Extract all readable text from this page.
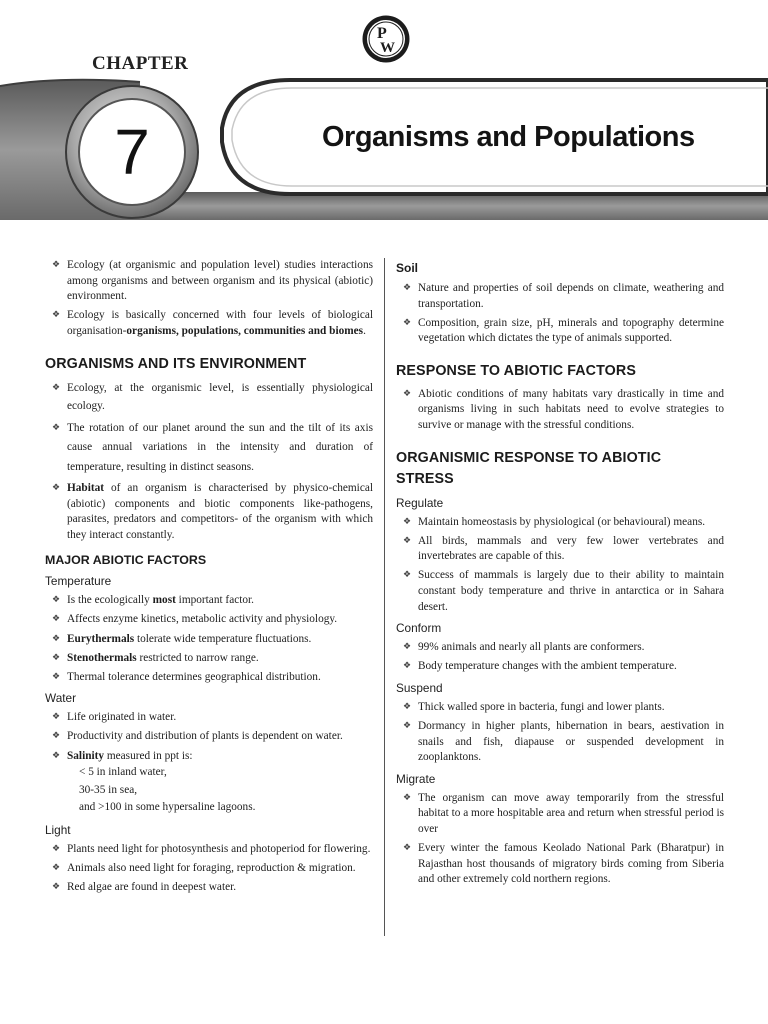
P
W
CHAPTER
7	Organisms and Populations
❖ Ecology (at organismic and population level) studies interactions among organisms and between organism and its physical (abiotic) environment.
❖ Ecology is basically concerned with four levels of biological organisation-organisms, populations, communities and biomes.
ORGANISMS AND ITS ENVIRONMENT
❖ Ecology, at the organismic level, is essentially physiological ecology.
❖ The rotation of our planet around the sun and the tilt of its axis cause annual variations in the intensity and duration of temperature, resulting in distinct seasons.
❖ Habitat of an organism is characterised by physico-chemical (abiotic) components and biotic components like-pathogens, parasites, predators and competitors- of the organism with which they interact constantly.
MAJOR ABIOTIC FACTORS
Temperature
❖ Is the ecologically most important factor.
❖ Affects enzyme kinetics, metabolic activity and physiology.
❖ Eurythermals tolerate wide temperature fluctuations.
❖ Stenothermals restricted to narrow range.
❖ Thermal tolerance determines geographical distribution.
Water
❖ Life originated in water.
❖ Productivity and distribution of plants is dependent on water.
❖ Salinity measured in ppt is:
< 5 in inland water,
30-35 in sea,
and >100 in some hypersaline lagoons.
Light
❖ Plants need light for photosynthesis and photoperiod for flowering.
❖ Animals also need light for foraging, reproduction & migration.
❖ Red algae are found in deepest water.
Soil
❖ Nature and properties of soil depends on climate, weathering and transportation.
❖ Composition, grain size, pH, minerals and topography determine vegetation which dictates the type of animals supported.
RESPONSE TO ABIOTIC FACTORS
❖ Abiotic conditions of many habitats vary drastically in time and organisms living in such habitats need to evolve strategies to survive or manage with the stressful conditions.
ORGANISMIC RESPONSE TO ABIOTIC STRESS
Regulate
❖ Maintain homeostasis by physiological (or behavioural) means.
❖ All birds, mammals and very few lower vertebrates and invertebrates are capable of this.
❖ Success of mammals is largely due to their ability to maintain constant body temperature and thrive in antarctica or in Sahara desert.
Conform
❖ 99% animals and nearly all plants are conformers.
❖ Body temperature changes with the ambient temperature.
Suspend
❖ Thick walled spore in bacteria, fungi and lower plants.
❖ Dormancy in higher plants, hibernation in bears, aestivation in snails and fish, diapause or suspended development in zooplanktons.
Migrate
❖ The organism can move away temporarily from the stressful habitat to a more hospitable area and return when stressful period is over
❖ Every winter the famous Keolado National Park (Bharatpur) in Rajasthan host thousands of migratory birds coming from Siberia and other extremely cold northern regions.
